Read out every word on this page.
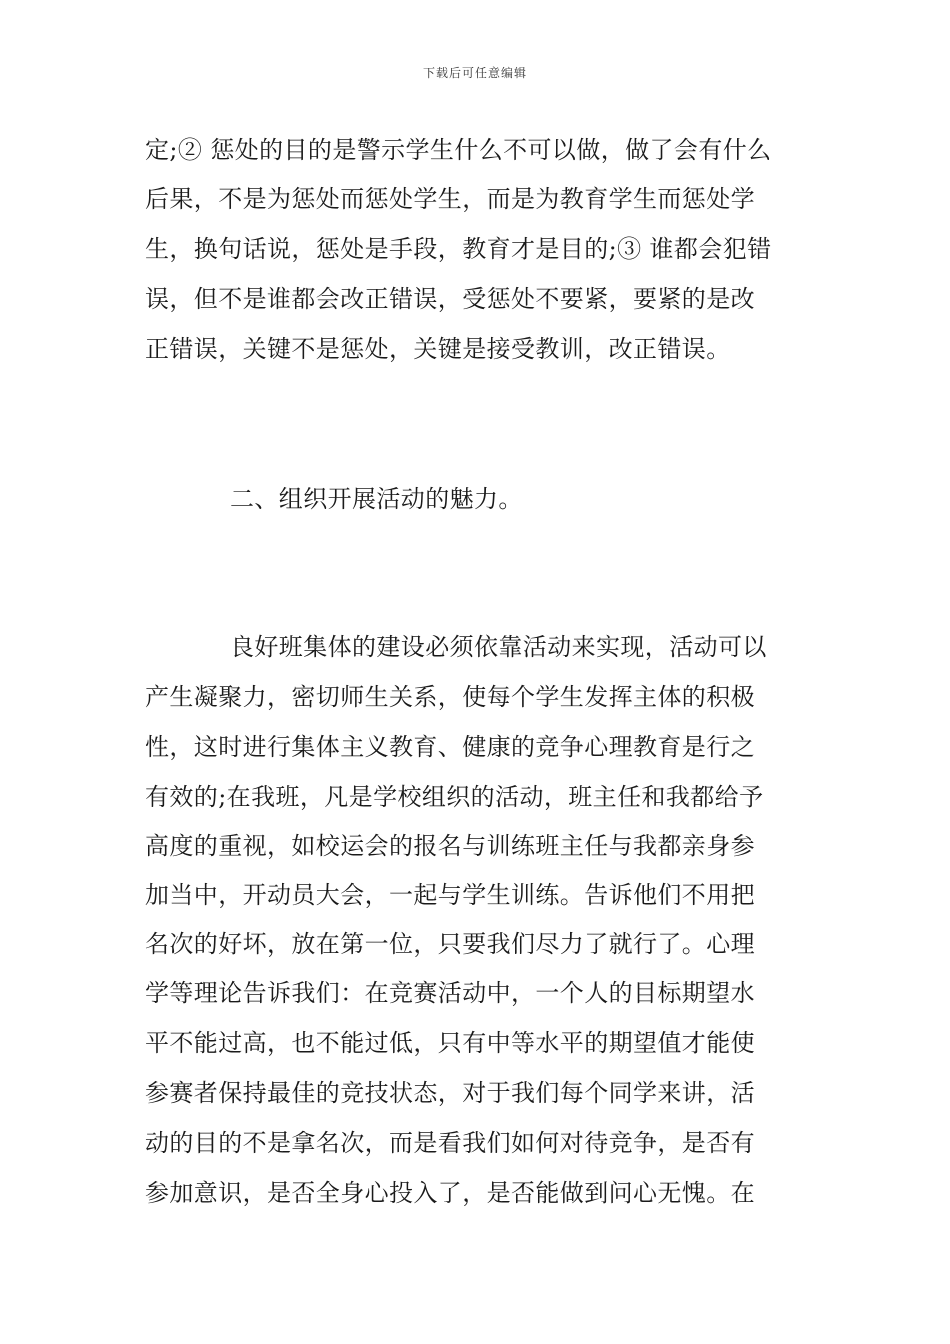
下载后可任意编辑
定;② 惩处的目的是警示学生什么不可以做，做了会有什么
后果，不是为惩处而惩处学生，而是为教育学生而惩处学
生，换句话说，惩处是手段，教育才是目的;③ 谁都会犯错
误，但不是谁都会改正错误，受惩处不要紧，要紧的是改
正错误，关键不是惩处，关键是接受教训，改正错误。
二、组织开展活动的魅力。
良好班集体的建设必须依靠活动来实现，活动可以
产生凝聚力，密切师生关系，使每个学生发挥主体的积极
性，这时进行集体主义教育、健康的竞争心理教育是行之
有效的;在我班，凡是学校组织的活动，班主任和我都给予
高度的重视，如校运会的报名与训练班主任与我都亲身参
加当中，开动员大会，一起与学生训练。告诉他们不用把
名次的好坏，放在第一位，只要我们尽力了就行了。心理
学等理论告诉我们：在竞赛活动中，一个人的目标期望水
平不能过高，也不能过低，只有中等水平的期望值才能使
参赛者保持最佳的竞技状态，对于我们每个同学来讲，活
动的目的不是拿名次，而是看我们如何对待竞争，是否有
参加意识，是否全身心投入了，是否能做到问心无愧。在
